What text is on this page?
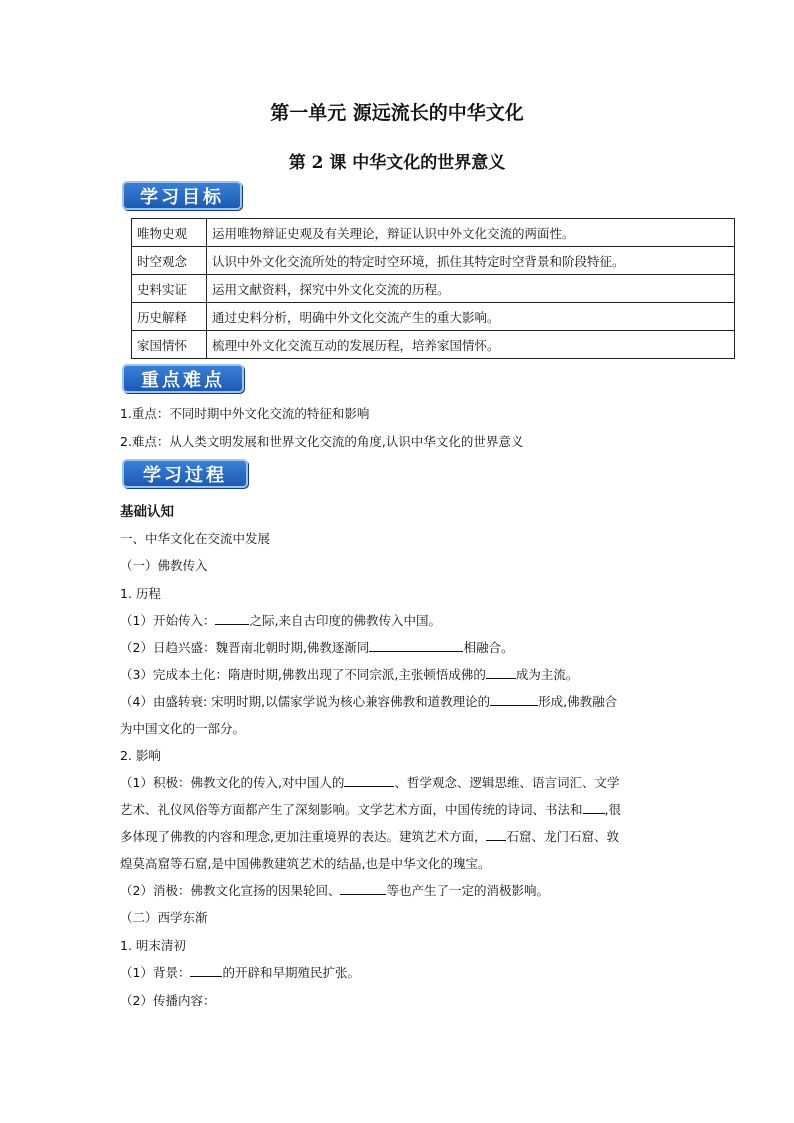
第一单元 源远流长的中华文化
第 2 课 中华文化的世界意义
学习目标
唯物史观	运用唯物辩证史观及有关理论，辩证认识中外文化交流的两面性。
时空观念	认识中外文化交流所处的特定时空环境，抓住其特定时空背景和阶段特征。
史料实证	运用文献资料，探究中外文化交流的历程。
历史解释	通过史料分析，明确中外文化交流产生的重大影响。
家国情怀	梳理中外文化交流互动的发展历程，培养家国情怀。
重点难点
1.重点：不同时期中外文化交流的特征和影响
2.难点：从人类文明发展和世界文化交流的角度,认识中华文化的世界意义
学习过程
基础认知
一、中华文化在交流中发展
（一）佛教传入
1. 历程
（1）开始传入：	之际,来自古印度的佛教传入中国。
（2）日趋兴盛：魏晋南北朝时期,佛教逐渐同	相融合。
（3）完成本土化：隋唐时期,佛教出现了不同宗派,主张顿悟成佛的 成为主流。
（4）由盛转衰: 宋明时期,以儒家学说为核心兼容佛教和道教理论的	形成,佛教融合
为中国文化的一部分。
2. 影响
（1）积极：佛教文化的传入,对中国人的	、哲学观念、逻辑思维、语言词汇、文学
艺术、礼仪风俗等方面都产生了深刻影响。文学艺术方面，中国传统的诗词、书法和 ,很
多体现了佛教的内容和理念,更加注重境界的表达。建筑艺术方面， 石窟、龙门石窟、敦
煌莫高窟等石窟,是中国佛教建筑艺术的结晶,也是中华文化的瑰宝。
（2）消极：佛教文化宣扬的因果轮回、	等也产生了一定的消极影响。
（二）西学东渐
1. 明末清初
（1）背景：	的开辟和早期殖民扩张。
（2）传播内容：
